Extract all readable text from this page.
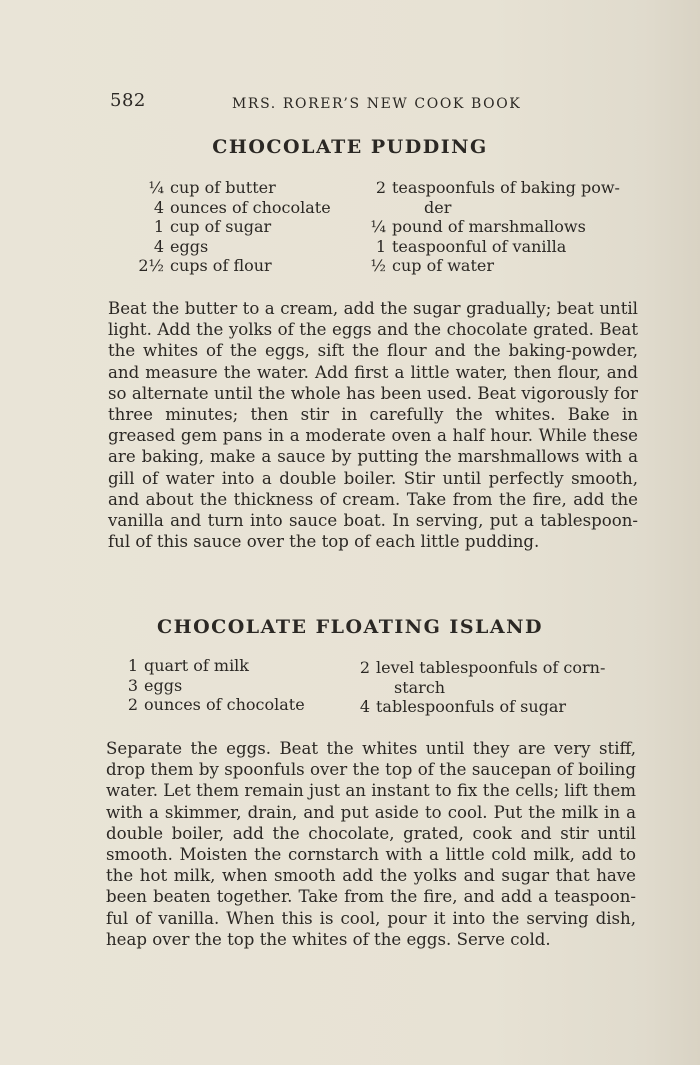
582	MRS. RORER’S NEW COOK BOOK
CHOCOLATE PUDDING
¼ cup of butter
4 ounces of chocolate
1 cup of sugar
4 eggs
2½ cups of flour
2 teaspoonfuls of baking pow-
der
¼ pound of marshmallows
1 teaspoonful of vanilla
½ cup of water
Beat the butter to a cream, add the sugar gradually; beat until light. Add the yolks of the eggs and the chocolate grated. Beat the whites of the eggs, sift the flour and the baking-powder, and measure the water. Add first a little water, then flour, and so alternate until the whole has been used. Beat vigorously for three minutes; then stir in carefully the whites. Bake in greased gem pans in a moderate oven a half hour. While these are baking, make a sauce by putting the marshmallows with a gill of water into a double boiler. Stir until perfectly smooth, and about the thickness of cream. Take from the fire, add the vanilla and turn into sauce boat. In serving, put a tablespoonful of this sauce over the top of each little pudding.
CHOCOLATE FLOATING ISLAND
1 quart of milk
3 eggs
2 ounces of chocolate
2 level tablespoonfuls of corn-
starch
4 tablespoonfuls of sugar
Separate the eggs. Beat the whites until they are very stiff, drop them by spoonfuls over the top of the saucepan of boiling water. Let them remain just an instant to fix the cells; lift them with a skimmer, drain, and put aside to cool. Put the milk in a double boiler, add the chocolate, grated, cook and stir until smooth. Moisten the cornstarch with a little cold milk, add to the hot milk, when smooth add the yolks and sugar that have been beaten together. Take from the fire, and add a teaspoonful of vanilla. When this is cool, pour it into the serving dish, heap over the top the whites of the eggs. Serve cold.
